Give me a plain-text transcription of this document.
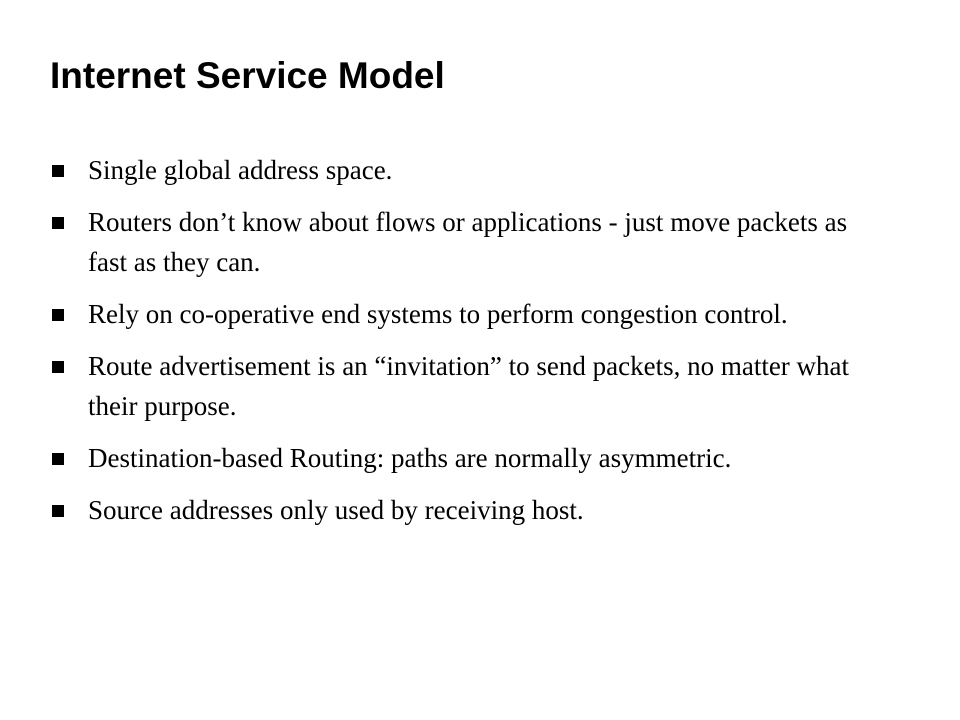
Internet Service Model
Single global address space.
Routers don’t know about flows or applications - just move packets as fast as they can.
Rely on co-operative end systems to perform congestion control.
Route advertisement is an “invitation” to send packets, no matter what their purpose.
Destination-based Routing: paths are normally asymmetric.
Source addresses only used by receiving host.
